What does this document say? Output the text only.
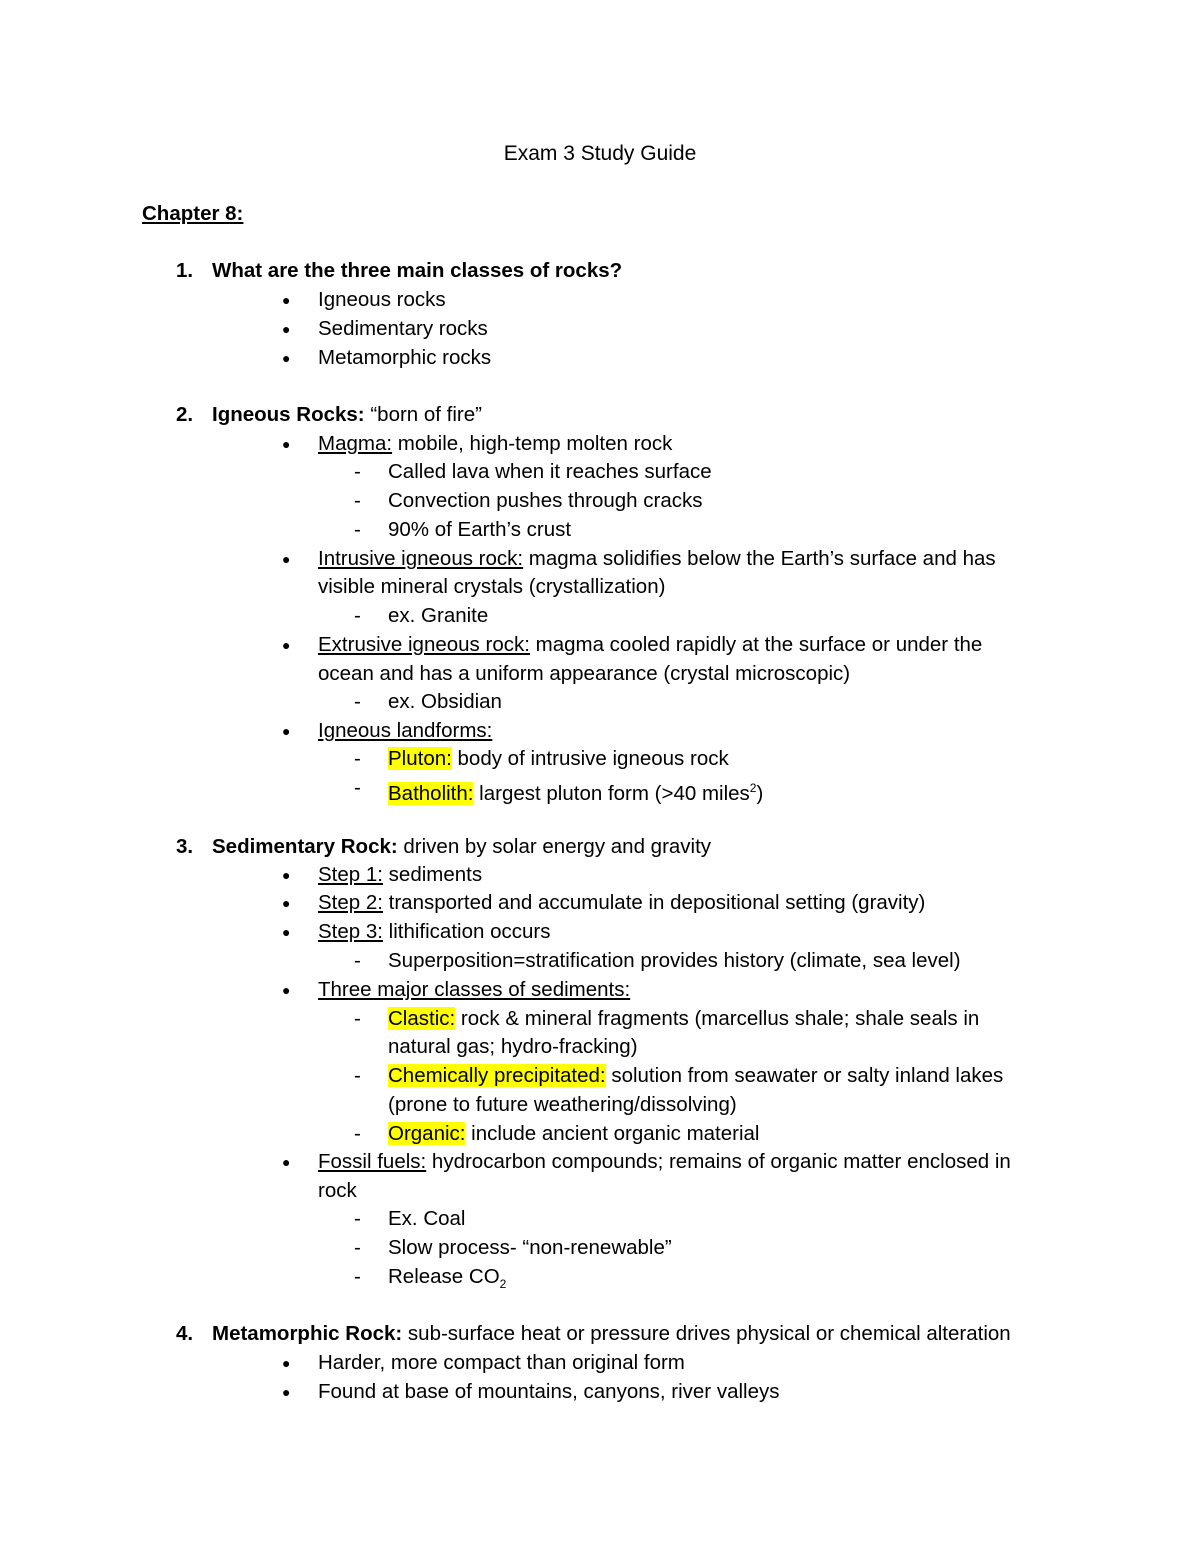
Exam 3 Study Guide
Chapter 8:
1. What are the three main classes of rocks?
● Igneous rocks
● Sedimentary rocks
● Metamorphic rocks
2. Igneous Rocks: “born of fire”
● Magma: mobile, high-temp molten rock
- Called lava when it reaches surface
- Convection pushes through cracks
- 90% of Earth’s crust
● Intrusive igneous rock: magma solidifies below the Earth’s surface and has
visible mineral crystals (crystallization)
- ex. Granite
● Extrusive igneous rock: magma cooled rapidly at the surface or under the
ocean and has a uniform appearance (crystal microscopic)
- ex. Obsidian
● Igneous landforms:
- Pluton: body of intrusive igneous rock
- Batholith: largest pluton form (>40 miles$^2$)
3. Sedimentary Rock: driven by solar energy and gravity
● Step 1: sediments
● Step 2: transported and accumulate in depositional setting (gravity)
● Step 3: lithification occurs
- Superposition=stratification provides history (climate, sea level)
● Three major classes of sediments:
- Clastic: rock & mineral fragments (marcellus shale; shale seals in
natural gas; hydro-fracking)
- Chemically precipitated: solution from seawater or salty inland lakes
(prone to future weathering/dissolving)
- Organic: include ancient organic material
● Fossil fuels: hydrocarbon compounds; remains of organic matter enclosed in
rock
- Ex. Coal
- Slow process- “non-renewable”
- Release $CO_2$
4. Metamorphic Rock: sub-surface heat or pressure drives physical or chemical alteration
● Harder, more compact than original form
● Found at base of mountains, canyons, river valleys
